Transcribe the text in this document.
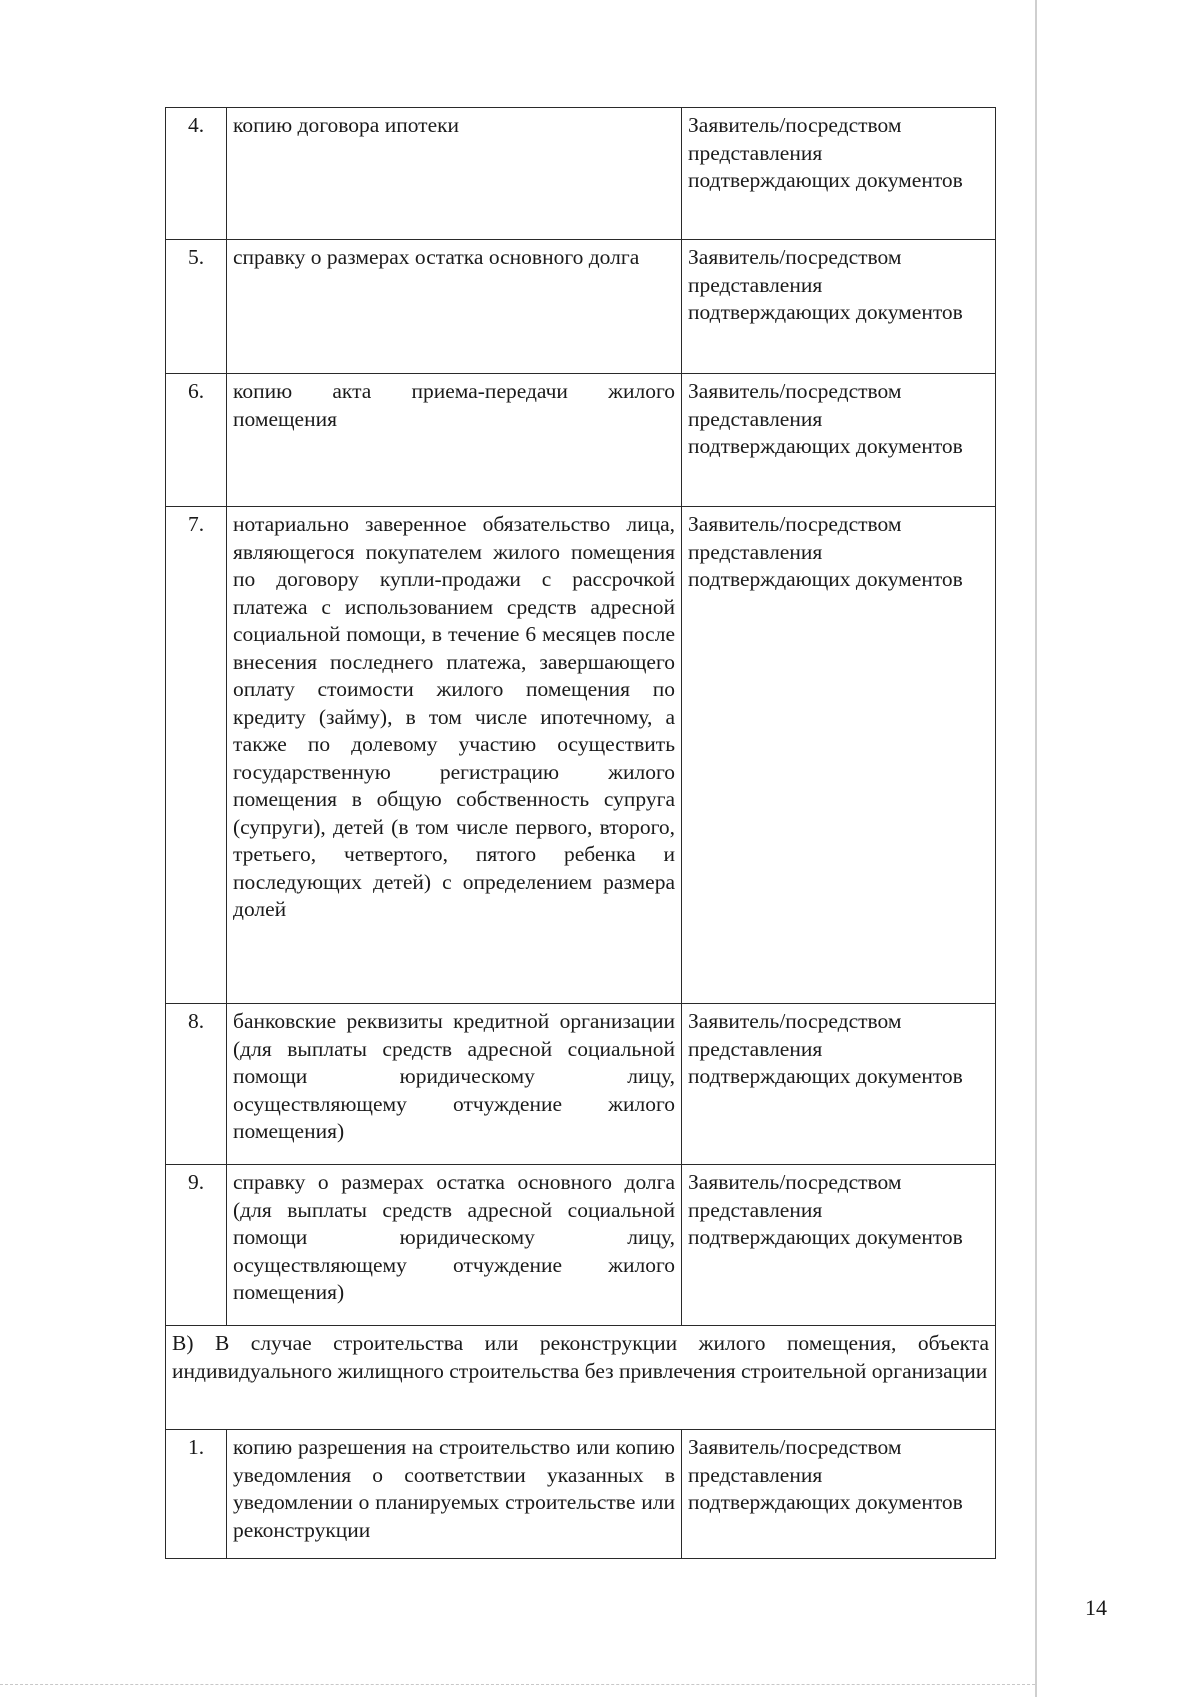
4.	копию договора ипотеки	Заявитель/посредством представления подтверждающих документов
5.	справку о размерах остатка основного долга	Заявитель/посредством представления подтверждающих документов
6.	копию акта приема-передачи жилого помещения	Заявитель/посредством представления подтверждающих документов
7.	нотариально заверенное обязательство лица, являющегося покупателем жилого помещения по договору купли-продажи с рассрочкой платежа с использованием средств адресной социальной помощи, в течение 6 месяцев после внесения последнего платежа, завершающего оплату стоимости жилого помещения по кредиту (займу), в том числе ипотечному, а также по долевому участию осуществить государственную регистрацию жилого помещения в общую собственность супруга (супруги), детей (в том числе первого, второго, третьего, четвертого, пятого ребенка и последующих детей) с определением размера долей	Заявитель/посредством представления подтверждающих документов
8.	банковские реквизиты кредитной организации (для выплаты средств адресной социальной помощи юридическому лицу, осуществляющему отчуждение жилого помещения)	Заявитель/посредством представления подтверждающих документов
9.	справку о размерах остатка основного долга (для выплаты средств адресной социальной помощи юридическому лицу, осуществляющему отчуждение жилого помещения)	Заявитель/посредством представления подтверждающих документов
В) В случае строительства или реконструкции жилого помещения, объекта индивидуального жилищного строительства без привлечения строительной организации		
1.	копию разрешения на строительство или копию уведомления о соответствии указанных в уведомлении о планируемых строительстве или реконструкции	Заявитель/посредством представления подтверждающих документов
14
